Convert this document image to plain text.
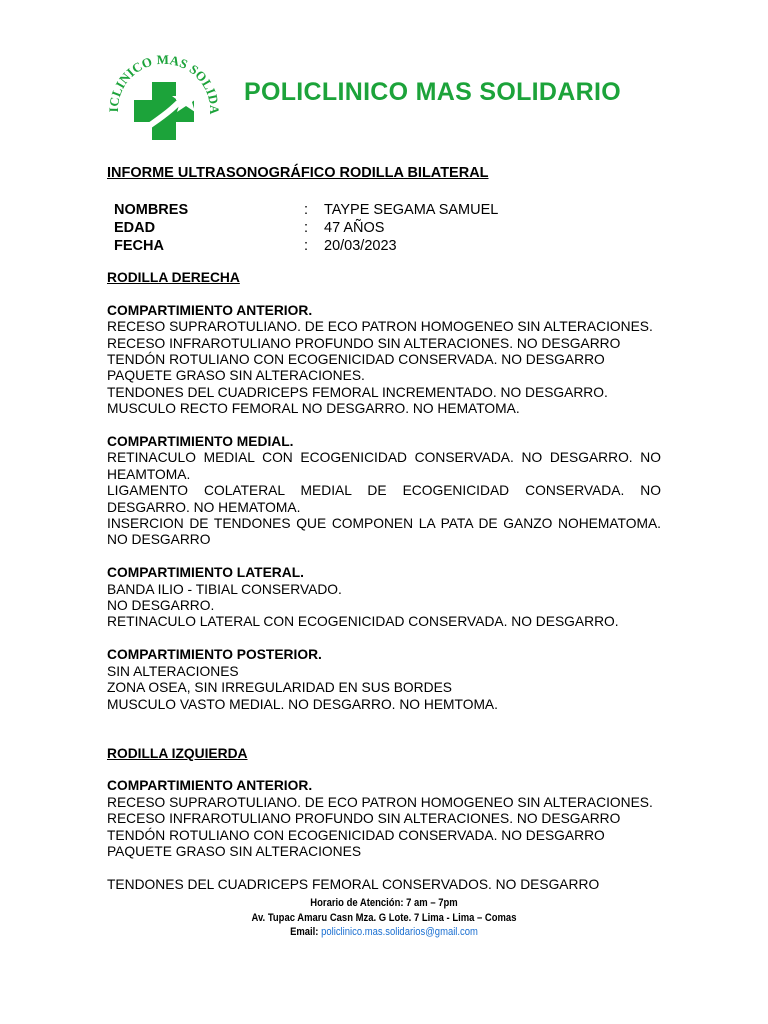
ICLINICO MAS SOLIDA
POLICLINICO MAS SOLIDARIO
INFORME ULTRASONOGRÁFICO RODILLA BILATERAL
NOMBRES	:	TAYPE SEGAMA SAMUEL
EDAD	:	47 AÑOS
FECHA	:	20/03/2023
RODILLA DERECHA
COMPARTIMIENTO ANTERIOR.
RECESO SUPRAROTULIANO. DE ECO PATRON HOMOGENEO SIN ALTERACIONES.
RECESO INFRAROTULIANO PROFUNDO SIN ALTERACIONES. NO DESGARRO
TENDÓN ROTULIANO CON ECOGENICIDAD CONSERVADA. NO DESGARRO
PAQUETE GRASO SIN ALTERACIONES.
TENDONES DEL CUADRICEPS FEMORAL INCREMENTADO. NO DESGARRO.
MUSCULO RECTO FEMORAL NO DESGARRO. NO HEMATOMA.
COMPARTIMIENTO MEDIAL.
RETINACULO MEDIAL CON ECOGENICIDAD CONSERVADA. NO DESGARRO. NO HEAMTOMA.
LIGAMENTO COLATERAL MEDIAL DE ECOGENICIDAD CONSERVADA. NO DESGARRO. NO HEMATOMA.
INSERCION DE TENDONES QUE COMPONEN LA PATA DE GANZO NOHEMATOMA. NO DESGARRO
COMPARTIMIENTO LATERAL.
BANDA ILIO - TIBIAL CONSERVADO.
NO DESGARRO.
RETINACULO LATERAL CON ECOGENICIDAD CONSERVADA. NO DESGARRO.
COMPARTIMIENTO POSTERIOR.
SIN ALTERACIONES
ZONA OSEA, SIN IRREGULARIDAD EN SUS BORDES
MUSCULO VASTO MEDIAL. NO DESGARRO. NO HEMTOMA.
RODILLA IZQUIERDA
COMPARTIMIENTO ANTERIOR.
RECESO SUPRAROTULIANO. DE ECO PATRON HOMOGENEO SIN ALTERACIONES.
RECESO INFRAROTULIANO PROFUNDO SIN ALTERACIONES. NO DESGARRO
TENDÓN ROTULIANO CON ECOGENICIDAD CONSERVADA. NO DESGARRO
PAQUETE GRASO SIN ALTERACIONES
TENDONES DEL CUADRICEPS FEMORAL CONSERVADOS. NO DESGARRO
Horario de Atención: 7 am – 7pm
Av. Tupac Amaru Casn Mza. G Lote. 7 Lima - Lima – Comas
Email: policlinico.mas.solidarios@gmail.com
